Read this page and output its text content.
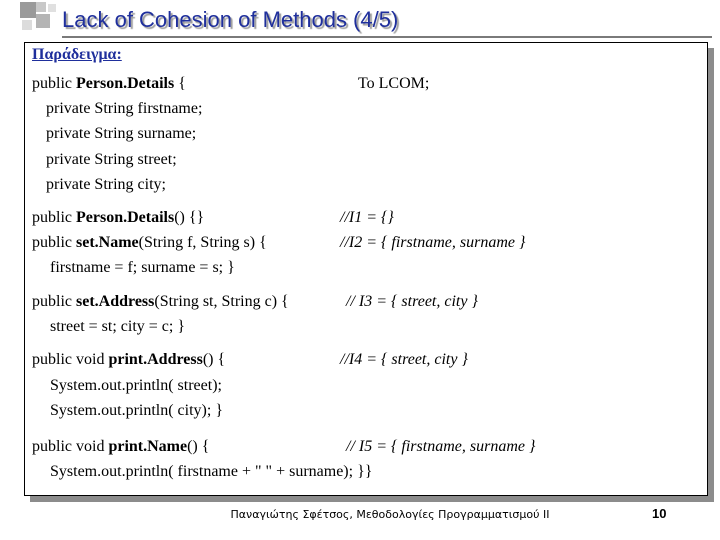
Lack of Cohesion of Methods (4/5)
Παράδειγμα:
public Person.Details {	To LCOM;
private String firstname;
private String surname;
private String street;
private String city;
public Person.Details() {}	//I1 = {}
public set.Name(String f, String s) {	//I2 = { firstname, surname }
firstname = f; surname = s; }
public set.Address(String st, String c) {	// I3 = { street, city }
street = st; city = c; }
public void print.Address() {	//I4 = { street, city }
System.out.println( street);
System.out.println( city); }
public void print.Name() {	// I5 = { firstname, surname }
System.out.println( firstname + " " + surname); }}
Παναγιώτης Σφέτσος, Μεθοδολογίες Προγραμματισμού ΙΙ	10
